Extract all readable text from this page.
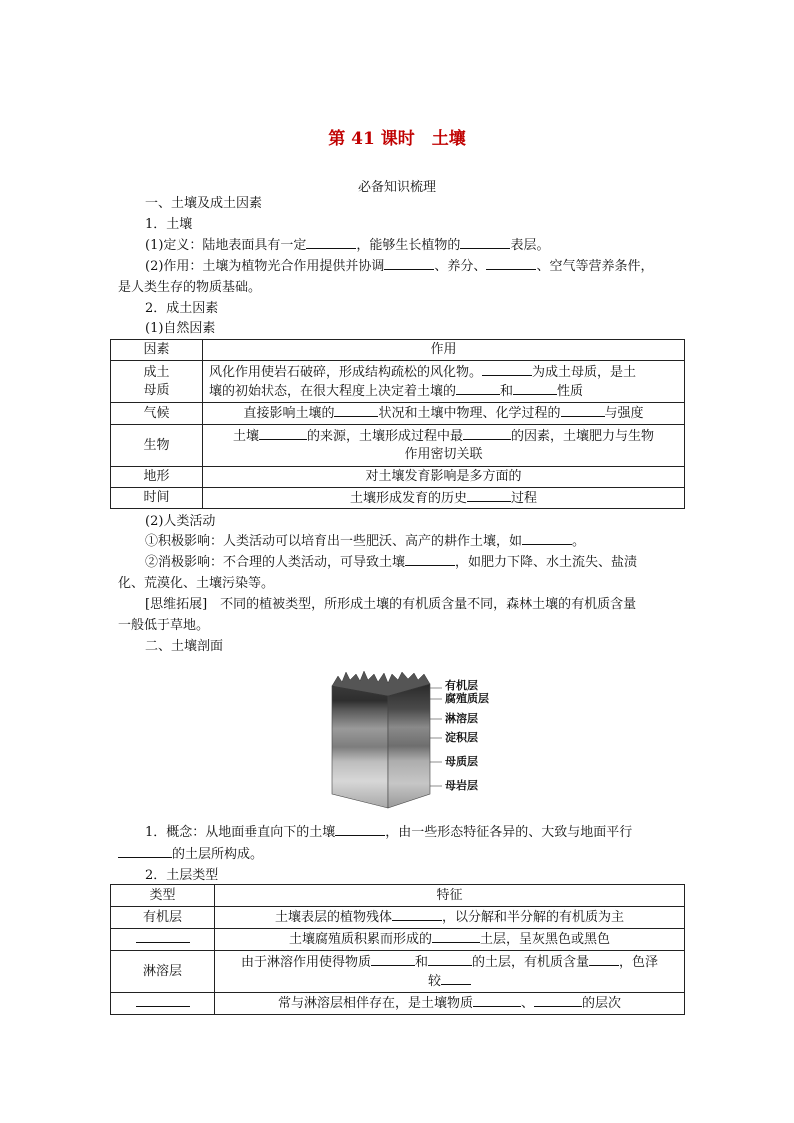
第 41 课时　土壤
必备知识梳理
一、土壤及成土因素
1．土壤
(1)定义：陆地表面具有一定	，能够生长植物的	表层。
(2)作用：土壤为植物光合作用提供并协调	、养分、	、空气等营养条件，
是人类生存的物质基础。
2．成土因素
(1)自然因素
因素	作用
成土
母质	风化作用使岩石破碎，形成结构疏松的风化物。 为成土母质，是土
壤的初始状态，在很大程度上决定着土壤的 和 性质
气候	直接影响土壤的 状况和土壤中物理、化学过程的 与强度
生物	土壤 的来源，土壤形成过程中最 的因素，土壤肥力与生物
作用密切关联
地形	对土壤发育影响是多方面的
时间	土壤形成发育的历史 过程
(2)人类活动
①积极影响：人类活动可以培育出一些肥沃、高产的耕作土壤，如	。
②消极影响：不合理的人类活动，可导致土壤	，如肥力下降、水土流失、盐渍
化、荒漠化、土壤污染等。
[思维拓展]　不同的植被类型，所形成土壤的有机质含量不同，森林土壤的有机质含量
一般低于草地。
二、土壤剖面
有机层
腐殖质层
淋溶层
淀积层
母质层
母岩层
1．概念：从地面垂直向下的土壤	，由一些形态特征各异的、大致与地面平行
的土层所构成。
2．土层类型
类型	特征
有机层	土壤表层的植物残体 ，以分解和半分解的有机质为主
	土壤腐殖质积累而形成的 土层，呈灰黑色或黑色
淋溶层	由于淋溶作用使得物质 和 的土层，有机质含量 ，色泽
较
	常与淋溶层相伴存在，是土壤物质 、 的层次
